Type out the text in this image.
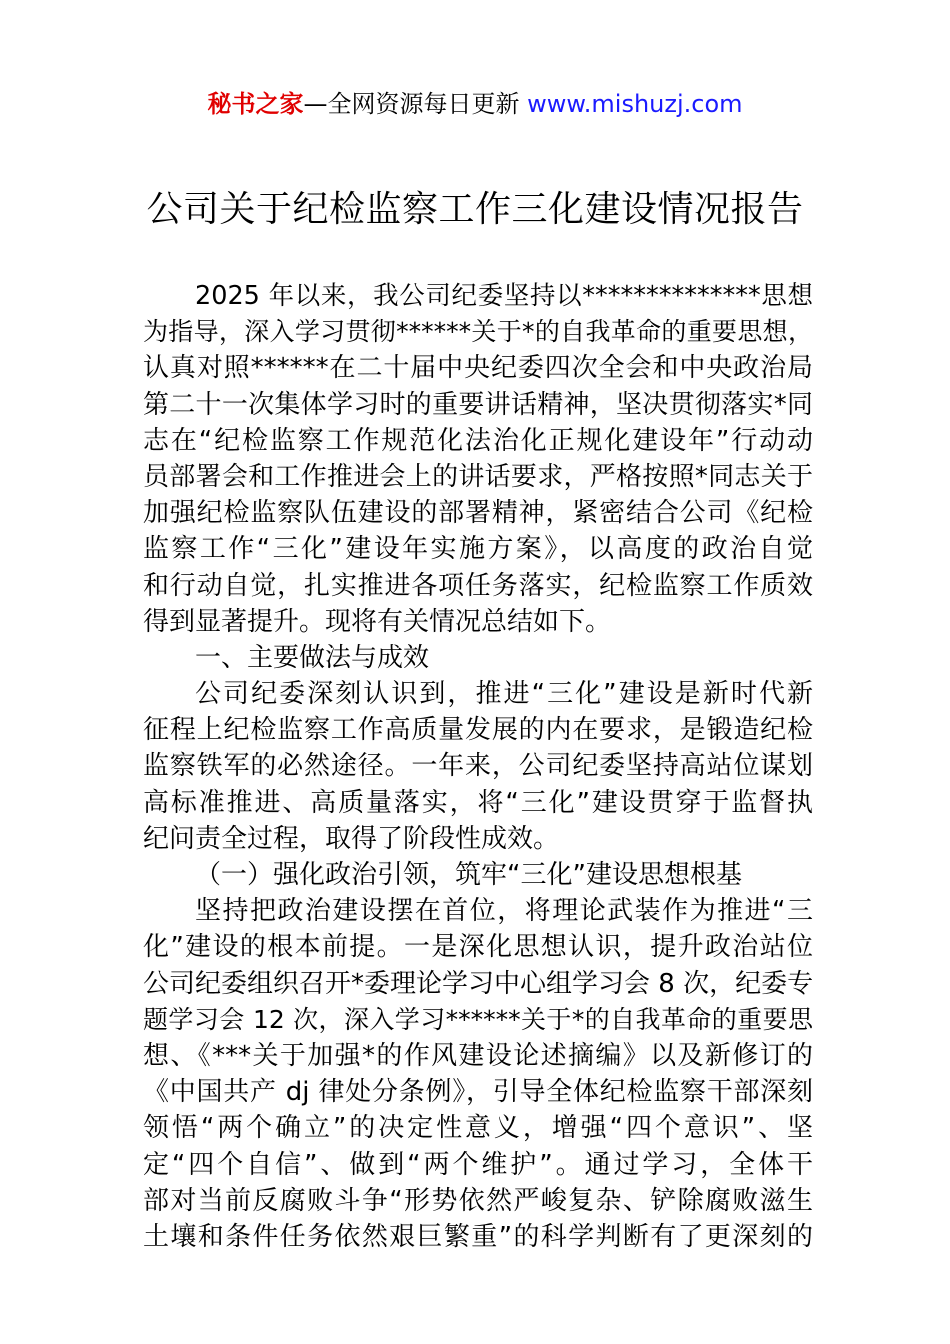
秘书之家—全网资源每日更新 www.mishuzj.com
公司关于纪检监察工作三化建设情况报告
2025 年以来，我公司纪委坚持以**************思想
为指导，深入学习贯彻******关于*的自我革命的重要思想，
认真对照******在二十届中央纪委四次全会和中央政治局
第二十一次集体学习时的重要讲话精神，坚决贯彻落实*同
志在“纪检监察工作规范化法治化正规化建设年”行动动
员部署会和工作推进会上的讲话要求，严格按照*同志关于
加强纪检监察队伍建设的部署精神，紧密结合公司《纪检
监察工作“三化”建设年实施方案》，以高度的政治自觉
和行动自觉，扎实推进各项任务落实，纪检监察工作质效
得到显著提升。现将有关情况总结如下。
一、主要做法与成效
公司纪委深刻认识到，推进“三化”建设是新时代新
征程上纪检监察工作高质量发展的内在要求，是锻造纪检
监察铁军的必然途径。一年来，公司纪委坚持高站位谋划
高标准推进、高质量落实，将“三化”建设贯穿于监督执
纪问责全过程，取得了阶段性成效。
（一）强化政治引领，筑牢“三化”建设思想根基
坚持把政治建设摆在首位，将理论武装作为推进“三
化”建设的根本前提。一是深化思想认识，提升政治站位
公司纪委组织召开*委理论学习中心组学习会 8 次，纪委专
题学习会 12 次，深入学习******关于*的自我革命的重要思
想、《***关于加强*的作风建设论述摘编》以及新修订的
《中国共产 dj 律处分条例》，引导全体纪检监察干部深刻
领悟“两个确立”的决定性意义，增强“四个意识”、坚
定“四个自信”、做到“两个维护”。通过学习，全体干
部对当前反腐败斗争“形势依然严峻复杂、铲除腐败滋生
土壤和条件任务依然艰巨繁重”的科学判断有了更深刻的
